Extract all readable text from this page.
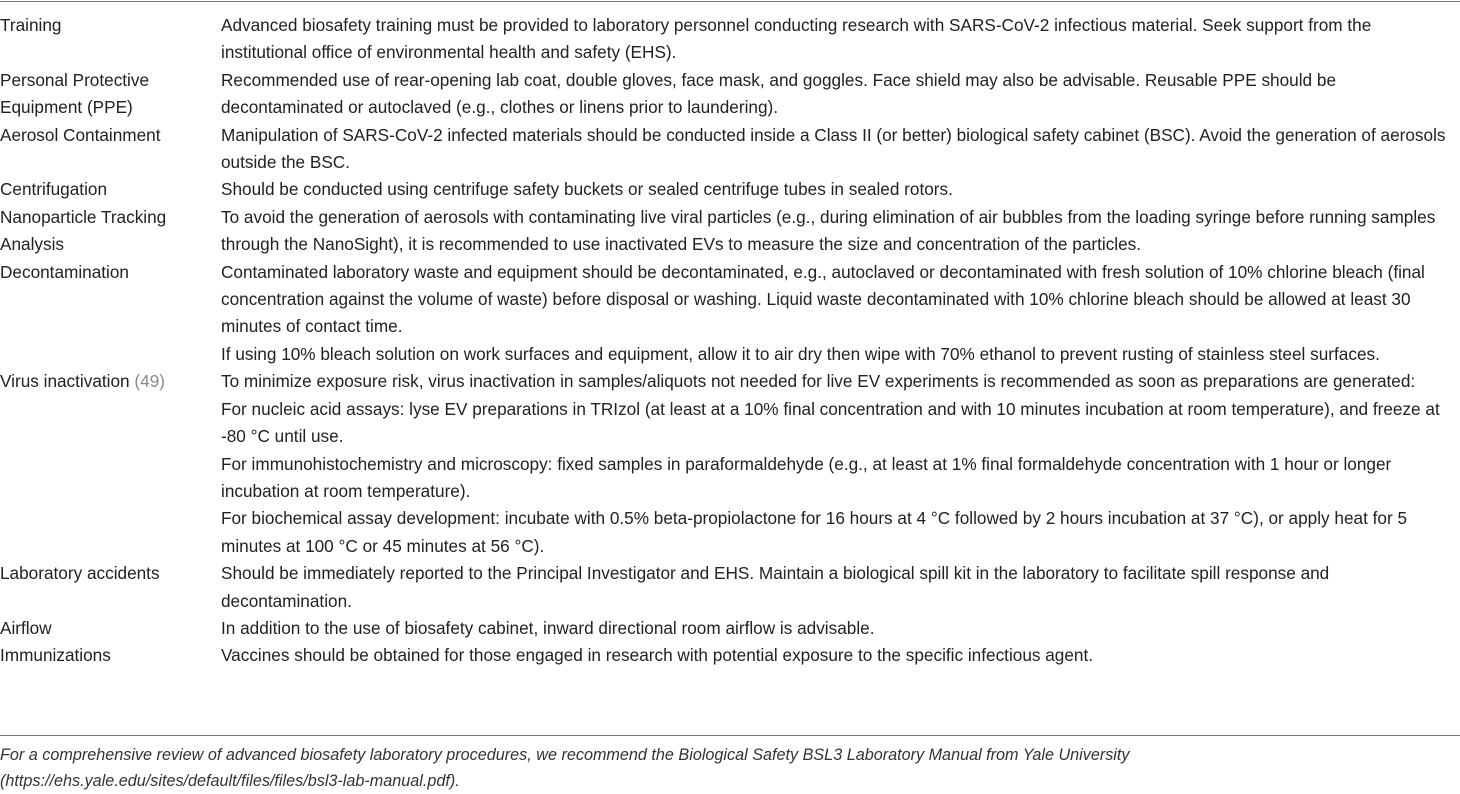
Training	Advanced biosafety training must be provided to laboratory personnel conducting research with SARS-CoV-2 infectious material. Seek support from the institutional office of environmental health and safety (EHS).

Personal Protective Equipment (PPE)	Recommended use of rear-opening lab coat, double gloves, face mask, and goggles. Face shield may also be advisable. Reusable PPE should be decontaminated or autoclaved (e.g., clothes or linens prior to laundering).

Aerosol Containment	Manipulation of SARS-CoV-2 infected materials should be conducted inside a Class II (or better) biological safety cabinet (BSC). Avoid the generation of aerosols outside the BSC.

Centrifugation	Should be conducted using centrifuge safety buckets or sealed centrifuge tubes in sealed rotors.

Nanoparticle Tracking Analysis	To avoid the generation of aerosols with contaminating live viral particles (e.g., during elimination of air bubbles from the loading syringe before running samples through the NanoSight), it is recommended to use inactivated EVs to measure the size and concentration of the particles.

Decontamination	Contaminated laboratory waste and equipment should be decontaminated, e.g., autoclaved or decontaminated with fresh solution of 10% chlorine bleach (final concentration against the volume of waste) before disposal or washing. Liquid waste decontaminated with 10% chlorine bleach should be allowed at least 30 minutes of contact time.
If using 10% bleach solution on work surfaces and equipment, allow it to air dry then wipe with 70% ethanol to prevent rusting of stainless steel surfaces.

Virus inactivation (49)	To minimize exposure risk, virus inactivation in samples/aliquots not needed for live EV experiments is recommended as soon as preparations are generated:
For nucleic acid assays: lyse EV preparations in TRIzol (at least at a 10% final concentration and with 10 minutes incubation at room temperature), and freeze at -80 °C until use.
For immunohistochemistry and microscopy: fixed samples in paraformaldehyde (e.g., at least at 1% final formaldehyde concentration with 1 hour or longer incubation at room temperature).
For biochemical assay development: incubate with 0.5% beta-propiolactone for 16 hours at 4 °C followed by 2 hours incubation at 37 °C), or apply heat for 5 minutes at 100 °C or 45 minutes at 56 °C).

Laboratory accidents	Should be immediately reported to the Principal Investigator and EHS. Maintain a biological spill kit in the laboratory to facilitate spill response and decontamination.

Airflow	In addition to the use of biosafety cabinet, inward directional room airflow is advisable.

Immunizations	Vaccines should be obtained for those engaged in research with potential exposure to the specific infectious agent.
For a comprehensive review of advanced biosafety laboratory procedures, we recommend the Biological Safety BSL3 Laboratory Manual from Yale University (https://ehs.yale.edu/sites/default/files/files/bsl3-lab-manual.pdf).
